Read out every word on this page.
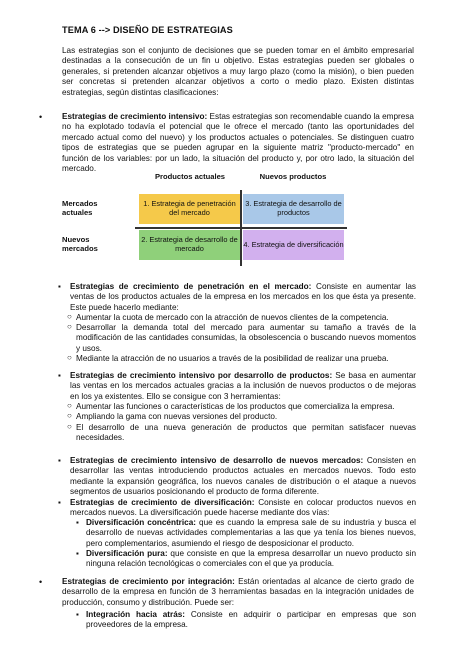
TEMA 6 --> DISEÑO DE ESTRATEGIAS
Las estrategias son el conjunto de decisiones que se pueden tomar en el ámbito empresarial destinadas a la consecución de un fin u objetivo. Estas estrategias pueden ser globales o generales, si pretenden alcanzar objetivos a muy largo plazo (como la misión), o bien pueden ser concretas si pretenden alcanzar objetivos a corto o medio plazo. Existen distintas estrategias, según distintas clasificaciones:
• Estrategias de crecimiento intensivo: Estas estrategias son recomendable cuando la empresa no ha explotado todavía el potencial que le ofrece el mercado (tanto las oportunidades del mercado actual como del nuevo) y los productos actuales o potenciales. Se distinguen cuatro tipos de estrategias que se pueden agrupar en la siguiente matriz "producto-mercado" en función de los variables: por un lado, la situación del producto y, por otro lado, la situación del mercado.
Productos actuales	Nuevos productos
Mercados actuales
Nuevos mercados
1. Estrategia de penetración del mercado
3. Estrategia de desarrollo de productos
2. Estrategia de desarrollo de mercado	4. Estrategia de diversificación
▪ Estrategias de crecimiento de penetración en el mercado: Consiste en aumentar las ventas de los productos actuales de la empresa en los mercados en los que ésta ya presente. Este puede hacerlo mediante:
○ Aumentar la cuota de mercado con la atracción de nuevos clientes de la competencia.
○ Desarrollar la demanda total del mercado para aumentar su tamaño a través de la modificación de las cantidades consumidas, la obsolescencia o buscando nuevos momentos y usos.
○ Mediante la atracción de no usuarios a través de la posibilidad de realizar una prueba.
▪ Estrategias de crecimiento intensivo por desarrollo de productos: Se basa en aumentar las ventas en los mercados actuales gracias a la inclusión de nuevos productos o de mejoras en los ya existentes. Ello se consigue con 3 herramientas:
○ Aumentar las funciones o características de los productos que comercializa la empresa.
○ Ampliando la gama con nuevas versiones del producto.
○ El desarrollo de una nueva generación de productos que permitan satisfacer nuevas necesidades.
▪ Estrategias de crecimiento intensivo de desarrollo de nuevos mercados: Consisten en desarrollar las ventas introduciendo productos actuales en mercados nuevos. Todo esto mediante la expansión geográfica, los nuevos canales de distribución o el ataque a nuevos segmentos de usuarios posicionando el producto de forma diferente.
▪ Estrategias de crecimiento de diversificación: Consiste en colocar productos nuevos en mercados nuevos. La diversificación puede hacerse mediante dos vías:
▪ Diversificación concéntrica: que es cuando la empresa sale de su industria y busca el desarrollo de nuevas actividades complementarias a las que ya tenía los bienes nuevos, pero complementarios, asumiendo el riesgo de desposicionar el producto.
▪ Diversificación pura: que consiste en que la empresa desarrollar un nuevo producto sin ninguna relación tecnológicas o comerciales con el que ya producía.
• Estrategias de crecimiento por integración: Están orientadas al alcance de cierto grado de desarrollo de la empresa en función de 3 herramientas basadas en la integración unidades de producción, consumo y distribución. Puede ser:
▪ Integración hacia atrás: Consiste en adquirir o participar en empresas que son proveedores de la empresa.
